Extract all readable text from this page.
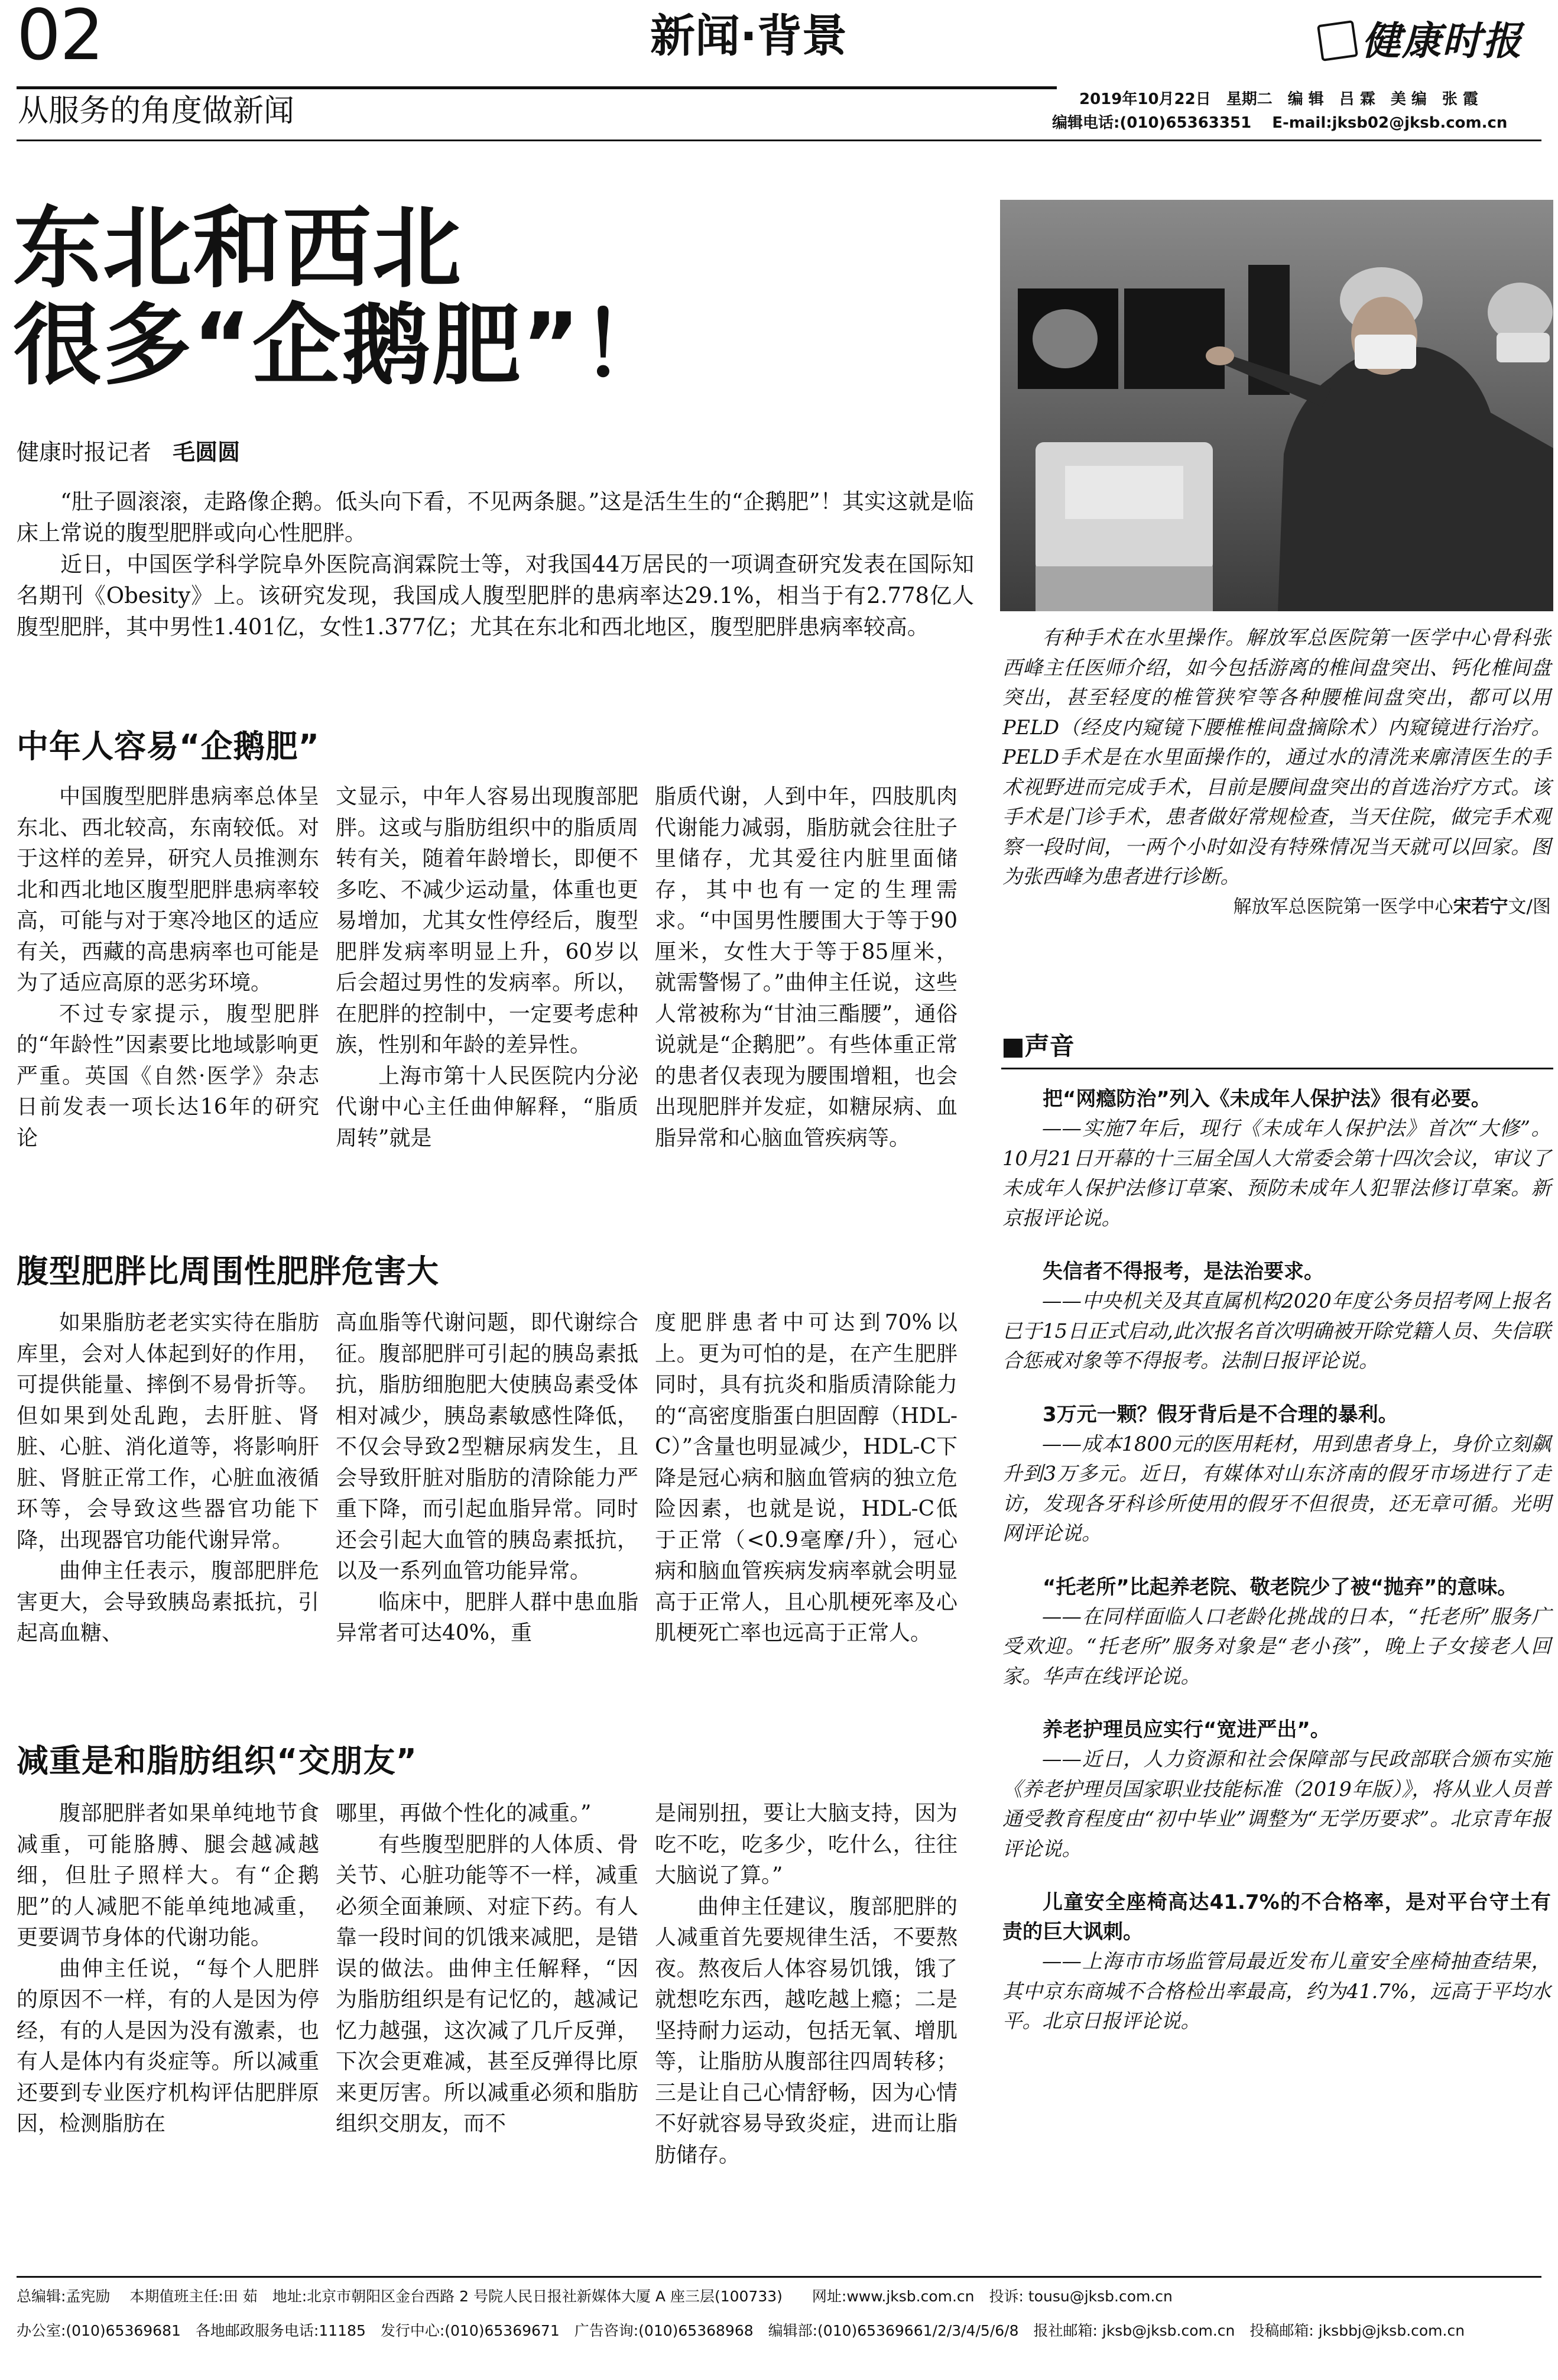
02	新闻·背景	健康时报
从服务的角度做新闻	2019年10月22日　星期二　编 辑　吕 霖　美 编　张 霞
编辑电话:(010)65363351　 E-mail:jksb02@jksb.com.cn
东北和西北
很多“企鹅肥”！
健康时报记者 毛圆圆

“肚子圆滚滚，走路像企鹅。低头向下看，不见两条腿。”这是活生生的“企鹅肥”！其实这就是临床上常说的腹型肥胖或向心性肥胖。

近日，中国医学科学院阜外医院高润霖院士等，对我国44万居民的一项调查研究发表在国际知名期刊《Obesity》上。该研究发现，我国成人腹型肥胖的患病率达29.1%，相当于有2.778亿人腹型肥胖，其中男性1.401亿，女性1.377亿；尤其在东北和西北地区，腹型肥胖患病率较高。

中年人容易“企鹅肥”

中国腹型肥胖患病率总体呈东北、西北较高，东南较低。对于这样的差异，研究人员推测东北和西北地区腹型肥胖患病率较高，可能与对于寒冷地区的适应有关，西藏的高患病率也可能是为了适应高原的恶劣环境。

不过专家提示，腹型肥胖的“年龄性”因素要比地域影响更严重。英国《自然·医学》杂志日前发表一项长达16年的研究论

文显示，中年人容易出现腹部肥胖。这或与脂肪组织中的脂质周转有关，随着年龄增长，即便不多吃、不减少运动量，体重也更易增加，尤其女性停经后，腹型肥胖发病率明显上升，60岁以后会超过男性的发病率。所以，在肥胖的控制中，一定要考虑种族，性别和年龄的差异性。

上海市第十人民医院内分泌代谢中心主任曲伸解释，“脂质周转”就是

脂质代谢，人到中年，四肢肌肉代谢能力减弱，脂肪就会往肚子里储存，尤其爱往内脏里面储存，其中也有一定的生理需求。“中国男性腰围大于等于90厘米，女性大于等于85厘米，就需警惕了。”曲伸主任说，这些人常被称为“甘油三酯腰”，通俗说就是“企鹅肥”。有些体重正常的患者仅表现为腰围增粗，也会出现肥胖并发症，如糖尿病、血脂异常和心脑血管疾病等。

腹型肥胖比周围性肥胖危害大

如果脂肪老老实实待在脂肪库里，会对人体起到好的作用，可提供能量、摔倒不易骨折等。但如果到处乱跑，去肝脏、肾脏、心脏、消化道等，将影响肝脏、肾脏正常工作，心脏血液循环等，会导致这些器官功能下降，出现器官功能代谢异常。

曲伸主任表示，腹部肥胖危害更大，会导致胰岛素抵抗，引起高血糖、

高血脂等代谢问题，即代谢综合征。腹部肥胖可引起的胰岛素抵抗，脂肪细胞肥大使胰岛素受体相对减少，胰岛素敏感性降低，不仅会导致2型糖尿病发生，且会导致肝脏对脂肪的清除能力严重下降，而引起血脂异常。同时还会引起大血管的胰岛素抵抗，以及一系列血管功能异常。

临床中，肥胖人群中患血脂异常者可达40%，重

度肥胖患者中可达到70%以上。更为可怕的是，在产生肥胖同时，具有抗炎和脂质清除能力的“高密度脂蛋白胆固醇（HDL-C）”含量也明显减少，HDL-C下降是冠心病和脑血管病的独立危险因素，也就是说，HDL-C低于正常（<0.9毫摩/升），冠心病和脑血管疾病发病率就会明显高于正常人，且心肌梗死率及心肌梗死亡率也远高于正常人。

减重是和脂肪组织“交朋友”

腹部肥胖者如果单纯地节食减重，可能胳膊、腿会越减越细，但肚子照样大。有“企鹅肥”的人减肥不能单纯地减重，更要调节身体的代谢功能。

曲伸主任说，“每个人肥胖的原因不一样，有的人是因为停经，有的人是因为没有激素，也有人是体内有炎症等。所以减重还要到专业医疗机构评估肥胖原因，检测脂肪在

哪里，再做个性化的减重。”

有些腹型肥胖的人体质、骨关节、心脏功能等不一样，减重必须全面兼顾、对症下药。有人靠一段时间的饥饿来减肥，是错误的做法。曲伸主任解释，“因为脂肪组织是有记忆的，越减记忆力越强，这次减了几斤反弹，下次会更难减，甚至反弹得比原来更厉害。所以减重必须和脂肪组织交朋友，而不

是闹别扭，要让大脑支持，因为吃不吃，吃多少，吃什么，往往大脑说了算。”

曲伸主任建议，腹部肥胖的人减重首先要规律生活，不要熬夜。熬夜后人体容易饥饿，饿了就想吃东西，越吃越上瘾；二是坚持耐力运动，包括无氧、增肌等，让脂肪从腹部往四周转移；三是让自己心情舒畅，因为心情不好就容易导致炎症，进而让脂肪储存。

有种手术在水里操作。解放军总医院第一医学中心骨科张西峰主任医师介绍，如今包括游离的椎间盘突出、钙化椎间盘突出，甚至轻度的椎管狭窄等各种腰椎间盘突出，都可以用PELD（经皮内窥镜下腰椎椎间盘摘除术）内窥镜进行治疗。PELD手术是在水里面操作的，通过水的清洗来廓清医生的手术视野进而完成手术，目前是腰间盘突出的首选治疗方式。该手术是门诊手术，患者做好常规检查，当天住院，做完手术观察一段时间，一两个小时如没有特殊情况当天就可以回家。图为张西峰为患者进行诊断。

解放军总医院第一医学中心宋若宁文/图

■声音

把“网瘾防治”列入《未成年人保护法》很有必要。

——实施7年后，现行《未成年人保护法》首次“大修”。10月21日开幕的十三届全国人大常委会第十四次会议，审议了未成年人保护法修订草案、预防未成年人犯罪法修订草案。新京报评论说。

失信者不得报考，是法治要求。

——中央机关及其直属机构2020年度公务员招考网上报名已于15日正式启动,此次报名首次明确被开除党籍人员、失信联合惩戒对象等不得报考。法制日报评论说。

3万元一颗？假牙背后是不合理的暴利。

——成本1800元的医用耗材，用到患者身上，身价立刻飙升到3万多元。近日，有媒体对山东济南的假牙市场进行了走访，发现各牙科诊所使用的假牙不但很贵，还无章可循。光明网评论说。

“托老所”比起养老院、敬老院少了被“抛弃”的意味。

——在同样面临人口老龄化挑战的日本，“托老所”服务广受欢迎。“托老所”服务对象是“老小孩”，晚上子女接老人回家。华声在线评论说。

养老护理员应实行“宽进严出”。

——近日，人力资源和社会保障部与民政部联合颁布实施《养老护理员国家职业技能标准（2019年版）》，将从业人员普通受教育程度由“初中毕业”调整为“无学历要求”。北京青年报评论说。

儿童安全座椅高达41.7%的不合格率，是对平台守土有责的巨大讽刺。

——上海市市场监管局最近发布儿童安全座椅抽查结果，其中京东商城不合格检出率最高，约为41.7%，远高于平均水平。北京日报评论说。

总编辑:孟宪励　 本期值班主任:田 茹　地址:北京市朝阳区金台西路 2 号院人民日报社新媒体大厦 A 座三层(100733)　　网址:www.jksb.com.cn　投诉: tousu@jksb.com.cn
办公室:(010)65369681　各地邮政服务电话:11185　发行中心:(010)65369671　广告咨询:(010)65368968　编辑部:(010)65369661/2/3/4/5/6/8　报社邮箱: jksb@jksb.com.cn　投稿邮箱: jksbbj@jksb.com.cn
